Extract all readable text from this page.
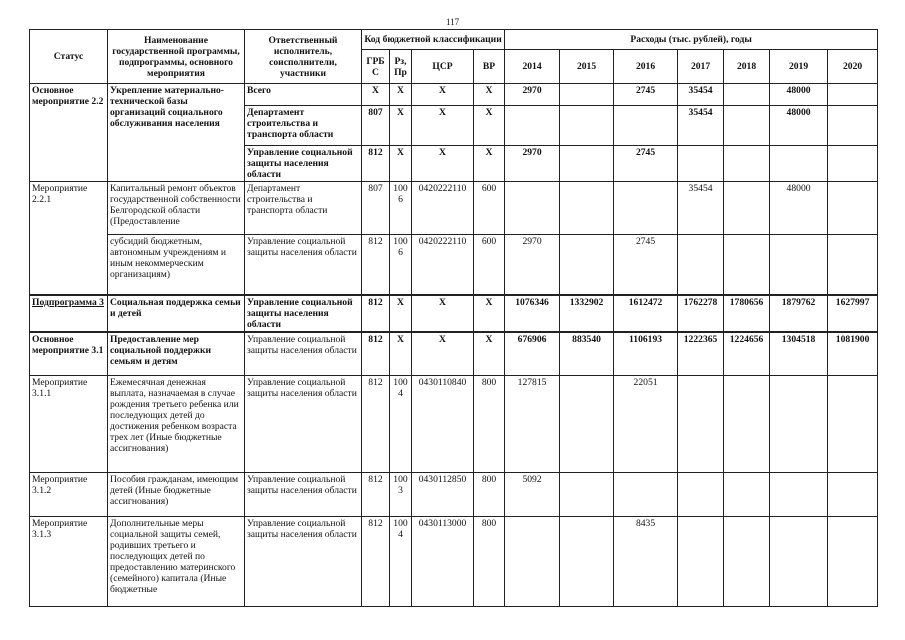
117
Статус	Наименование государственной программы, подпрограммы, основного мероприятия	Ответственный исполнитель, соисполнители, участники	Код бюджетной классификации				Расходы (тыс. рублей), годы						
			ГРБС	Рз, Пр	ЦСР	ВР	2014	2015	2016	2017	2018	2019	2020
Основное мероприятие 2.2	Укрепление материально-технической базы организаций социального обслуживания населения	Всего	Х	Х	Х	Х	2970		2745	35454		48000	
		Департамент строительства и транспорта области	807	Х	Х	Х				35454		48000	
		Управление социальной защиты населения области	812	Х	Х	Х	2970		2745				
Мероприятие 2.2.1	Капитальный ремонт объектов государственной собственности Белгородской области (Предоставление	Департамент строительства и транспорта области	807	1006	0420222110	600				35454		48000	
	субсидий бюджетным, автономным учреждениям и иным некоммерческим организациям)	Управление социальной защиты населения области	812	1006	0420222110	600	2970		2745				
Подпрограмма 3	Социальная поддержка семьи и детей	Управление социальной защиты населения области	812	Х	Х	Х	1076346	1332902	1612472	1762278	1780656	1879762	1627997
Основное мероприятие 3.1	Предоставление мер социальной поддержки семьям и детям	Управление социальной защиты населения области	812	Х	Х	Х	676906	883540	1106193	1222365	1224656	1304518	1081900
Мероприятие 3.1.1	Ежемесячная денежная выплата, назначаемая в случае рождения третьего ребенка или последующих детей до достижения ребенком возраста трех лет (Иные бюджетные ассигнования)	Управление социальной защиты населения области	812	1004	0430110840	800	127815		22051				
Мероприятие 3.1.2	Пособия гражданам, имеющим детей (Иные бюджетные ассигнования)	Управление социальной защиты населения области	812	1003	0430112850	800	5092						
Мероприятие 3.1.3	Дополнительные меры социальной защиты семей, родивших третьего и последующих детей по предоставлению материнского (семейного) капитала (Иные бюджетные	Управление социальной защиты населения области	812	1004	0430113000	800			8435				
